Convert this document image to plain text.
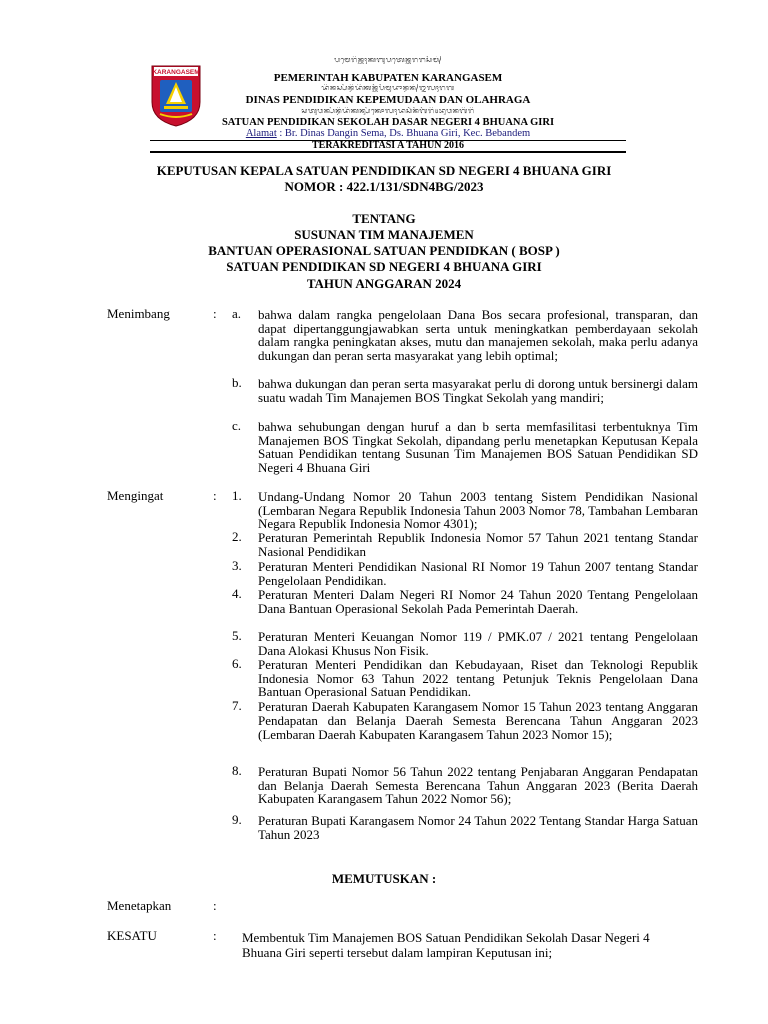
KARANGASEM
ᬧᬫᬾᬭᬶᬦ᭄ᬢᬄᬓᬩᬸᬧᬢᬾᬦ᭄ᬓᬭᬗᬲᭂᬫ᭄
PEMERINTAH KABUPATEN KARANGASEM
ᬤᬶᬦᬲ᭄ᬧᭂᬦ᭄ᬤᬶᬤᬶᬓᬦ᭄ᬓᭂᬧᭂᬫᬸᬤᬵᬦ᭄ᬤᬦ᭄ᬑᬮᬄᬭᬕ
DINAS PENDIDIKAN KEPEMUDAAN DAN OLAHRAGA
ᬲᬢᬸᬯᬦ᭄ᬧᭂᬦ᭄ᬤᬶᬤᬶᬓᬦ᭄ᬲᭂᬓᭀᬮᬄᬤᬲᬃᬦᭂᬕᭂᬭᬶ᭔ᬪᬸᬯᬦᬕᬶᬭᬶ
SATUAN PENDIDIKAN SEKOLAH DASAR NEGERI 4 BHUANA GIRI
Alamat : Br. Dinas Dangin Sema, Ds. Bhuana Giri, Kec. Bebandem
TERAKREDITASI A TAHUN 2016
KEPUTUSAN KEPALA SATUAN PENDIDIKAN SD NEGERI 4 BHUANA GIRI
NOMOR : 422.1/131/SDN4BG/2023
TENTANG
SUSUNAN TIM MANAJEMEN
BANTUAN OPERASIONAL SATUAN PENDIDKAN ( BOSP )
SATUAN PENDIDIKAN SD NEGERI 4 BHUANA GIRI
TAHUN ANGGARAN 2024
Menimbang	: a.	bahwa dalam rangka pengelolaan Dana Bos secara profesional, transparan, dan dapat dipertanggungjawabkan serta untuk meningkatkan pemberdayaan sekolah dalam rangka peningkatan akses, mutu dan manajemen sekolah, maka perlu adanya dukungan dan peran serta masyarakat yang lebih optimal;
b.	bahwa dukungan dan peran serta masyarakat perlu di dorong untuk bersinergi dalam suatu wadah Tim Manajemen BOS Tingkat Sekolah yang mandiri;
c.	bahwa sehubungan dengan huruf a dan b serta memfasilitasi terbentuknya Tim Manajemen BOS Tingkat Sekolah, dipandang perlu menetapkan Keputusan Kepala Satuan Pendidikan tentang Susunan Tim Manajemen BOS Satuan Pendidikan SD Negeri 4 Bhuana Giri
Mengingat	: 1.	Undang-Undang Nomor 20 Tahun 2003 tentang Sistem Pendidikan Nasional (Lembaran Negara Republik Indonesia Tahun 2003 Nomor 78, Tambahan Lembaran Negara Republik Indonesia Nomor 4301);
2.	Peraturan Pemerintah Republik Indonesia Nomor 57 Tahun 2021 tentang Standar Nasional Pendidikan
3.	Peraturan Menteri Pendidikan Nasional RI Nomor 19 Tahun 2007 tentang Standar Pengelolaan Pendidikan.
4.	Peraturan Menteri Dalam Negeri RI Nomor 24 Tahun 2020 Tentang Pengelolaan Dana Bantuan Operasional Sekolah Pada Pemerintah Daerah.
5.	Peraturan Menteri Keuangan Nomor 119 / PMK.07 / 2021 tentang Pengelolaan Dana Alokasi Khusus Non Fisik.
6.	Peraturan Menteri Pendidikan dan Kebudayaan, Riset dan Teknologi Republik Indonesia Nomor 63 Tahun 2022 tentang Petunjuk Teknis Pengelolaan Dana Bantuan Operasional Satuan Pendidikan.
7.	Peraturan Daerah Kabupaten Karangasem Nomor 15 Tahun 2023 tentang Anggaran Pendapatan dan Belanja Daerah Semesta Berencana Tahun Anggaran 2023 (Lembaran Daerah Kabupaten Karangasem Tahun 2023 Nomor 15);
8.	Peraturan Bupati Nomor 56 Tahun 2022 tentang Penjabaran Anggaran Pendapatan dan Belanja Daerah Semesta Berencana Tahun Anggaran 2023 (Berita Daerah Kabupaten Karangasem Tahun 2022 Nomor 56);
9.	Peraturan Bupati Karangasem Nomor 24 Tahun 2022 Tentang Standar Harga Satuan Tahun 2023
MEMUTUSKAN :
Menetapkan	:
KESATU	: Membentuk Tim Manajemen BOS Satuan Pendidikan Sekolah Dasar Negeri 4 Bhuana Giri seperti tersebut dalam lampiran Keputusan ini;
